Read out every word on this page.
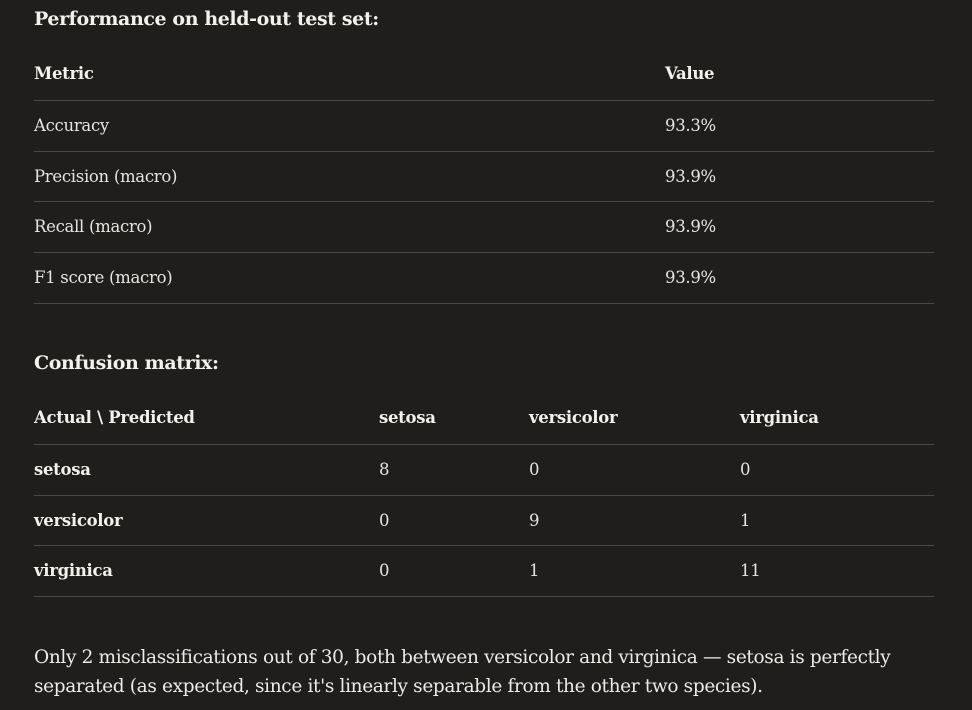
Performance on held-out test set:
Metric	Value
Accuracy	93.3%
Precision (macro)	93.9%
Recall (macro)	93.9%
F1 score (macro)	93.9%
Confusion matrix:
Actual \ Predicted	setosa	versicolor	virginica
setosa	8	0	0
versicolor	0	9	1
virginica	0	1	11

Only 2 misclassifications out of 30, both between versicolor and virginica — setosa is perfectly separated (as expected, since it's linearly separable from the other two species).
